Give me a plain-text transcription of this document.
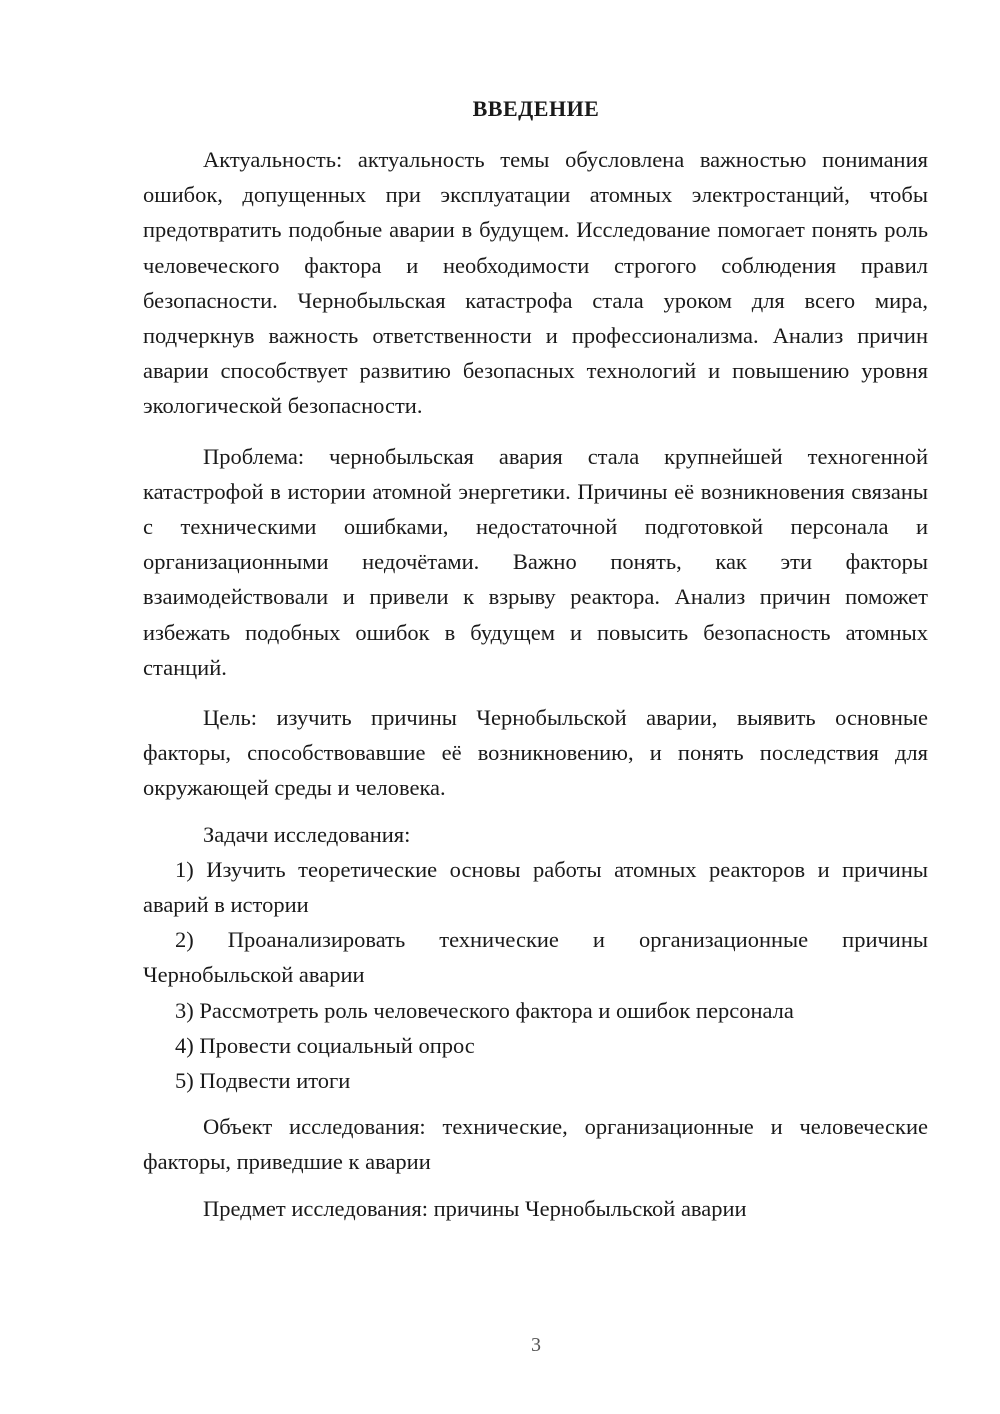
ВВЕДЕНИЕ

Актуальность: актуальность темы обусловлена важностью понимания ошибок, допущенных при эксплуатации атомных электростанций, чтобы предотвратить подобные аварии в будущем. Исследование помогает понять роль человеческого фактора и необходимости строгого соблюдения правил безопасности. Чернобыльская катастрофа стала уроком для всего мира, подчеркнув важность ответственности и профессионализма. Анализ причин аварии способствует развитию безопасных технологий и повышению уровня экологической безопасности.

Проблема: чернобыльская авария стала крупнейшей техногенной катастрофой в истории атомной энергетики. Причины её возникновения связаны с техническими ошибками, недостаточной подготовкой персонала и организационными недочётами. Важно понять, как эти факторы взаимодействовали и привели к взрыву реактора. Анализ причин поможет избежать подобных ошибок в будущем и повысить безопасность атомных станций.

Цель: изучить причины Чернобыльской аварии, выявить основные факторы, способствовавшие её возникновению, и понять последствия для окружающей среды и человека.

Задачи исследования:

1) Изучить теоретические основы работы атомных реакторов и причины аварий в истории

2) Проанализировать технические и организационные причины Чернобыльской аварии

3) Рассмотреть роль человеческого фактора и ошибок персонала

4) Провести социальный опрос

5) Подвести итоги

Объект исследования: технические, организационные и человеческие факторы, приведшие к аварии

Предмет исследования: причины Чернобыльской аварии

3
